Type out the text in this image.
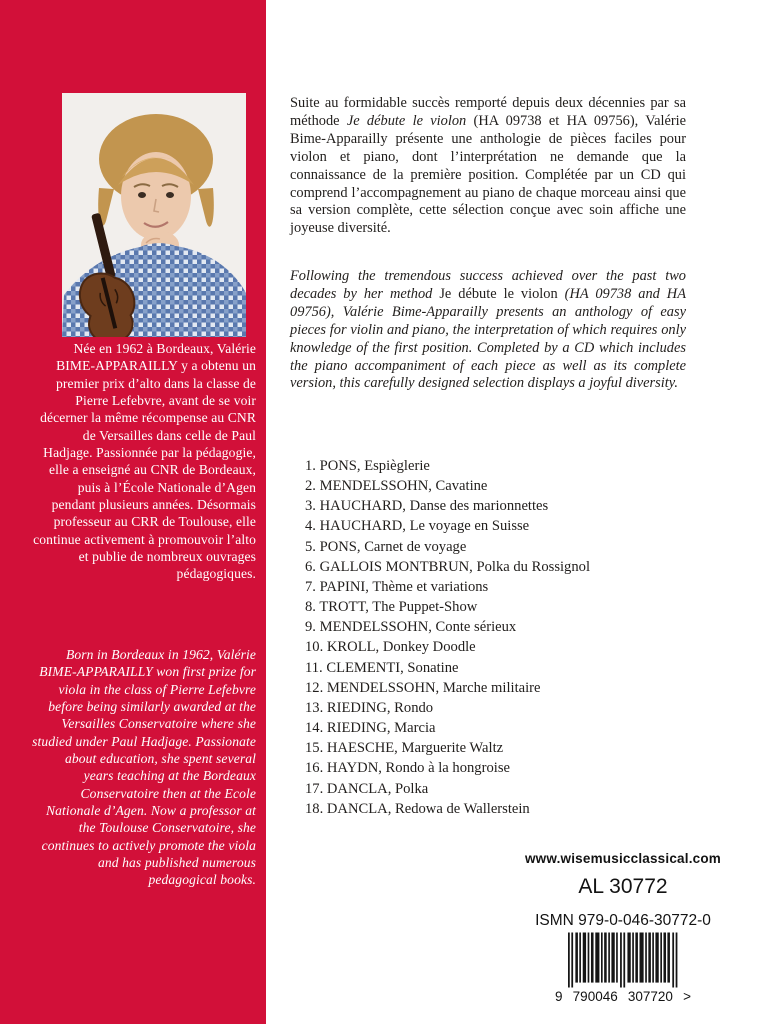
Née en 1962 à Bordeaux, Valérie BIME-APPARAILLY y a obtenu un premier prix d’alto dans la classe de Pierre Lefebvre, avant de se voir décerner la même récompense au CNR de Versailles dans celle de Paul Hadjage. Passionnée par la pédagogie, elle a enseigné au CNR de Bordeaux, puis à l’École Nationale d’Agen pendant plusieurs années. Désormais professeur au CRR de Toulouse, elle continue activement à promouvoir l’alto et publie de nombreux ouvrages pédagogiques.

Born in Bordeaux in 1962, Valérie BIME-APPARAILLY won first prize for viola in the class of Pierre Lefebvre before being similarly awarded at the Versailles Conservatoire where she studied under Paul Hadjage. Passionate about education, she spent several years teaching at the Bordeaux Conservatoire then at the Ecole Nationale d’Agen. Now a professor at the Toulouse Conservatoire, she continues to actively promote the viola and has published numerous pedagogical books.

Suite au formidable succès remporté depuis deux décennies par sa méthode Je débute le violon (HA 09738 et HA 09756), Valérie Bime-Apparailly présente une anthologie de pièces faciles pour violon et piano, dont l’interprétation ne demande que la connaissance de la première position. Complétée par un CD qui comprend l’accompagnement au piano de chaque morceau ainsi que sa version complète, cette sélection conçue avec soin affiche une joyeuse diversité.

Following the tremendous success achieved over the past two decades by her method Je débute le violon (HA 09738 and HA 09756), Valérie Bime-Apparailly presents an anthology of easy pieces for violin and piano, the interpretation of which requires only knowledge of the first position. Completed by a CD which includes the piano accompaniment of each piece as well as its complete version, this carefully designed selection displays a joyful diversity.

1. PONS, Espièglerie
2. MENDELSSOHN, Cavatine
3. HAUCHARD, Danse des marionnettes
4. HAUCHARD, Le voyage en Suisse
5. PONS, Carnet de voyage
6. GALLOIS MONTBRUN, Polka du Rossignol
7. PAPINI, Thème et variations
8. TROTT, The Puppet-Show
9. MENDELSSOHN, Conte sérieux
10. KROLL, Donkey Doodle
11. CLEMENTI, Sonatine
12. MENDELSSOHN, Marche militaire
13. RIEDING, Rondo
14. RIEDING, Marcia
15. HAESCHE, Marguerite Waltz
16. HAYDN, Rondo à la hongroise
17. DANCLA, Polka
18. DANCLA, Redowa de Wallerstein
www.wisemusicclassical.com
AL 30772
ISMN 979-0-046-30772-0
9 790046 307720 >
